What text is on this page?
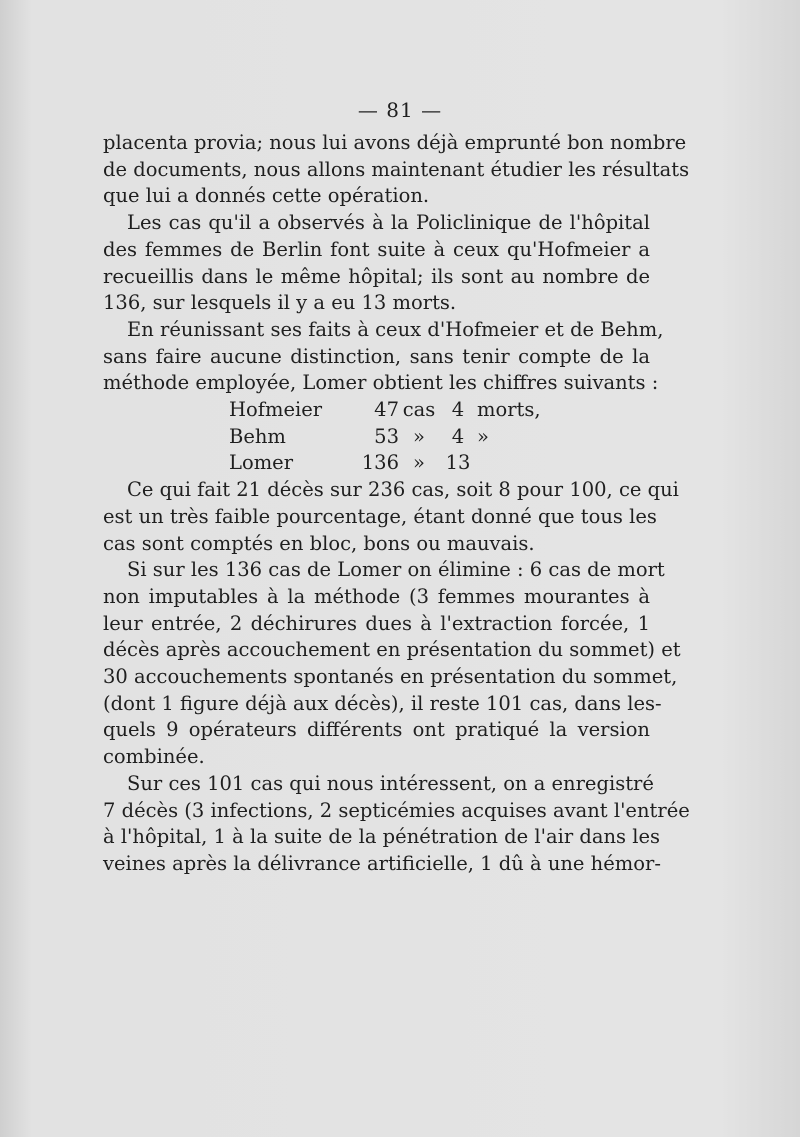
— 81 —
placenta provia; nous lui avons déjà emprunté bon nombre
de documents, nous allons maintenant étudier les résultats
que lui a donnés cette opération.
Les cas qu'il a observés à la Policlinique de l'hôpital
des femmes de Berlin font suite à ceux qu'Hofmeier a
recueillis dans le même hôpital; ils sont au nombre de
136, sur lesquels il y a eu 13 morts.
En réunissant ses faits à ceux d'Hofmeier et de Behm,
sans faire aucune distinction, sans tenir compte de la
méthode employée, Lomer obtient les chiffres suivants :
Hofmeier	47 cas 4 morts,
Behm	53 »	4 »
Lomer	136 »	13
Ce qui fait 21 décès sur 236 cas, soit 8 pour 100, ce qui
est un très faible pourcentage, étant donné que tous les
cas sont comptés en bloc, bons ou mauvais.
Si sur les 136 cas de Lomer on élimine : 6 cas de mort
non imputables à la méthode (3 femmes mourantes à
leur entrée, 2 déchirures dues à l'extraction forcée, 1
décès après accouchement en présentation du sommet) et
30 accouchements spontanés en présentation du sommet,
(dont 1 figure déjà aux décès), il reste 101 cas, dans les-
quels 9 opérateurs différents ont pratiqué la version
combinée.
Sur ces 101 cas qui nous intéressent, on a enregistré
7 décès (3 infections, 2 septicémies acquises avant l'entrée
à l'hôpital, 1 à la suite de la pénétration de l'air dans les
veines après la délivrance artificielle, 1 dû à une hémor-
